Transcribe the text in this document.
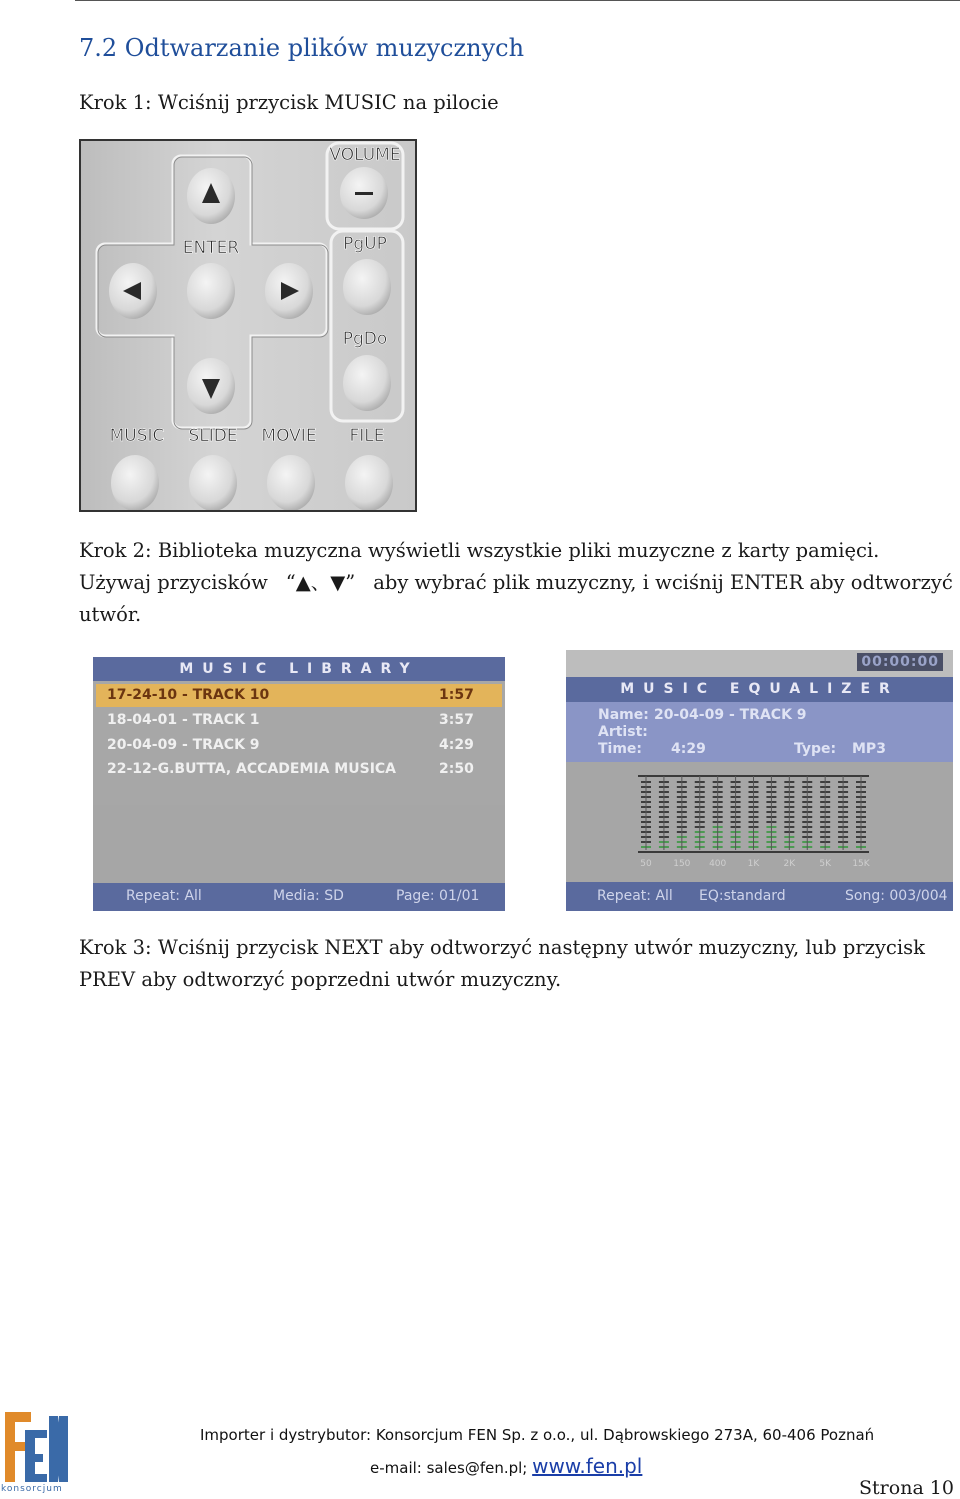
7.2 Odtwarzanie plików muzycznych
Krok 1: Wciśnij przycisk MUSIC na pilocie
VOLUME
ENTER	PgUP
PgDo
MUSIC SLIDE MOVIE FILE
Krok 2: Biblioteka muzyczna wyświetli wszystkie pliki muzyczne z karty pamięci.
Używaj przycisków “▲、▼” aby wybrać plik muzyczny, i wciśnij ENTER aby odtworzyć
utwór.
MUSIC LIBRARY
17-24-10 - TRACK 10	1:57
18-04-01 - TRACK 1	3:57
20-04-09 - TRACK 9	4:29
22-12-G.BUTTA, ACCADEMIA MUSICA	2:50
Repeat: All	Media: SD	Page: 01/01
00:00:00
MUSIC EQUALIZER
Name: 20-04-09 - TRACK 9
Artist:
Time: 4:29	Type: MP3
50 150 400 1K	2K	5K 15K
Repeat: All EQ:standard	Song: 003/004
Krok 3: Wciśnij przycisk NEXT aby odtworzyć następny utwór muzyczny, lub przycisk
PREV aby odtworzyć poprzedni utwór muzyczny.
konsorcjum
Importer i dystrybutor: Konsorcjum FEN Sp. z o.o., ul. Dąbrowskiego 273A, 60-406 Poznań
e-mail: sales@fen.pl; www.fen.pl
Strona 10
